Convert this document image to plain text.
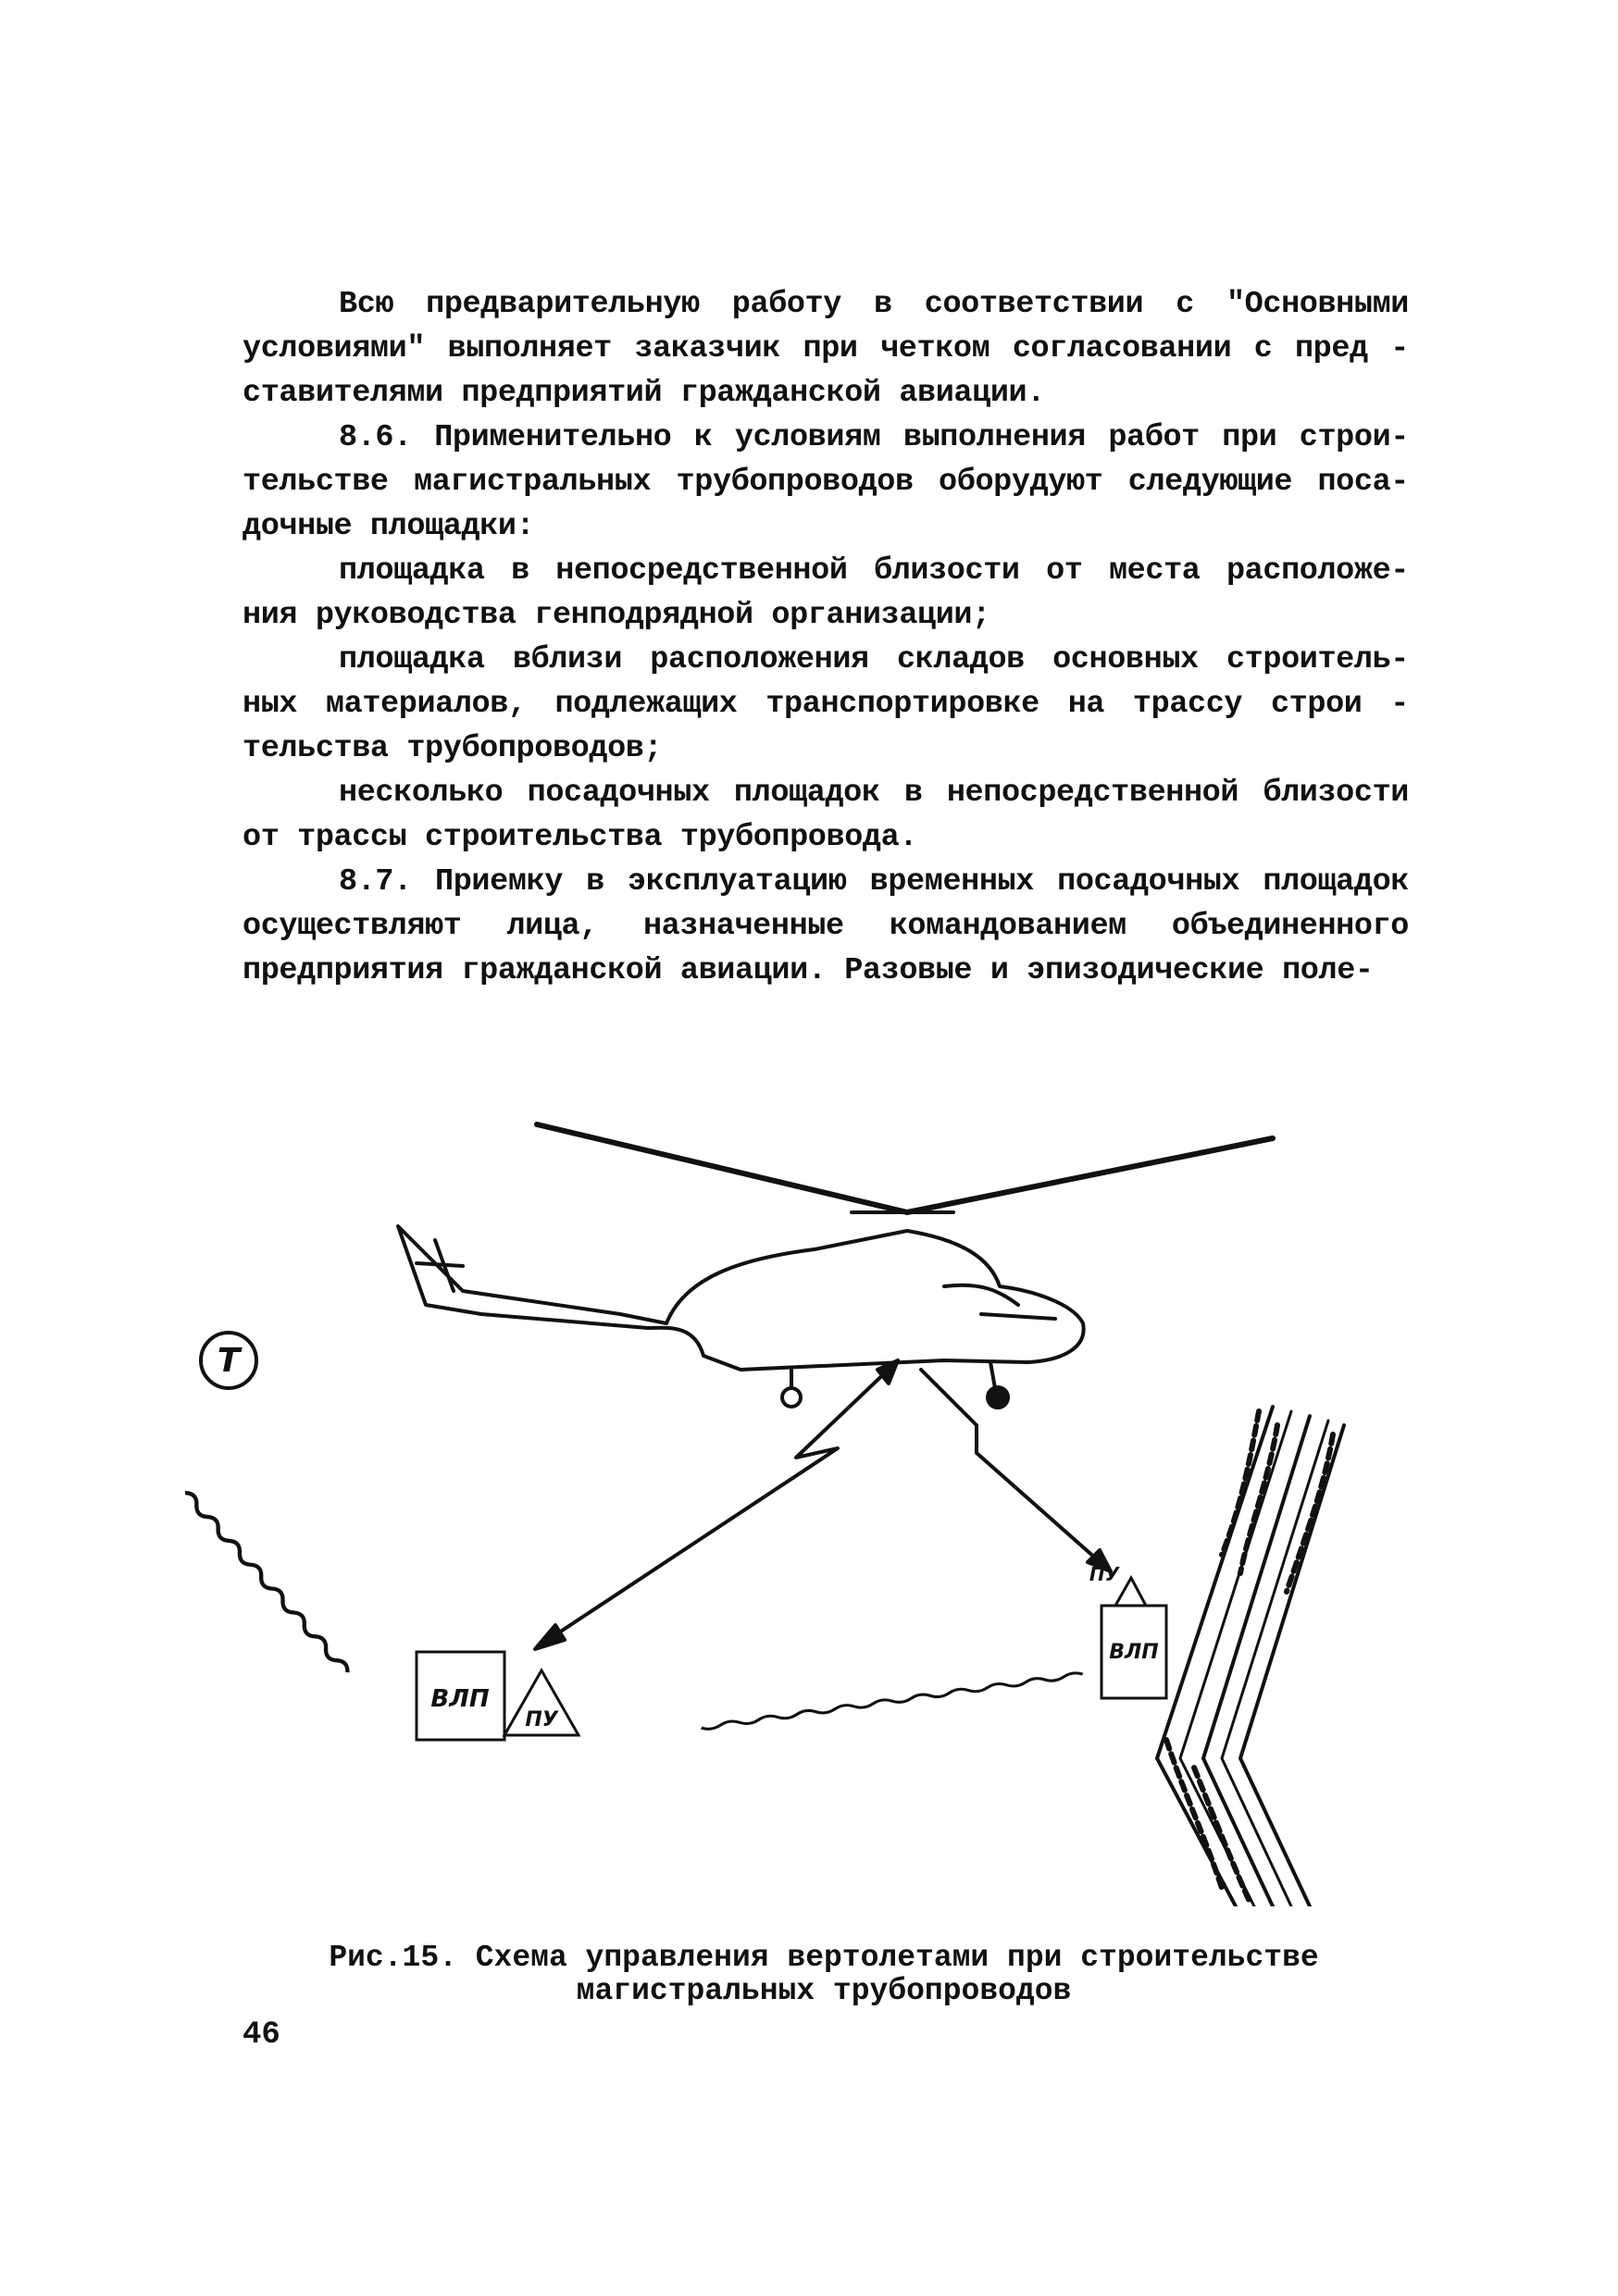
Всю предварительную работу в соответствии с "Основными условиями" выполняет заказчик при четком согласовании с пред - ставителями предприятий гражданской авиации.

8.6. Применительно к условиям выполнения работ при строи- тельстве магистральных трубопроводов оборудуют следующие поса- дочные площадки:

площадка в непосредственной близости от места расположе- ния руководства генподрядной организации;

площадка вблизи расположения складов основных строитель- ных материалов, подлежащих транспортировке на трассу строи - тельства трубопроводов;

несколько посадочных площадок в непосредственной близости от трассы строительства трубопровода.

8.7. Приемку в эксплуатацию временных посадочных площадок осуществляют лица, назначенные командованием объединенного предприятия гражданской авиации. Разовые и эпизодические поле-

Т
ВЛП
ПУ
ВЛП
ПУ
Рис.15. Схема управления вертолетами при строительстве
магистральных трубопроводов
46
